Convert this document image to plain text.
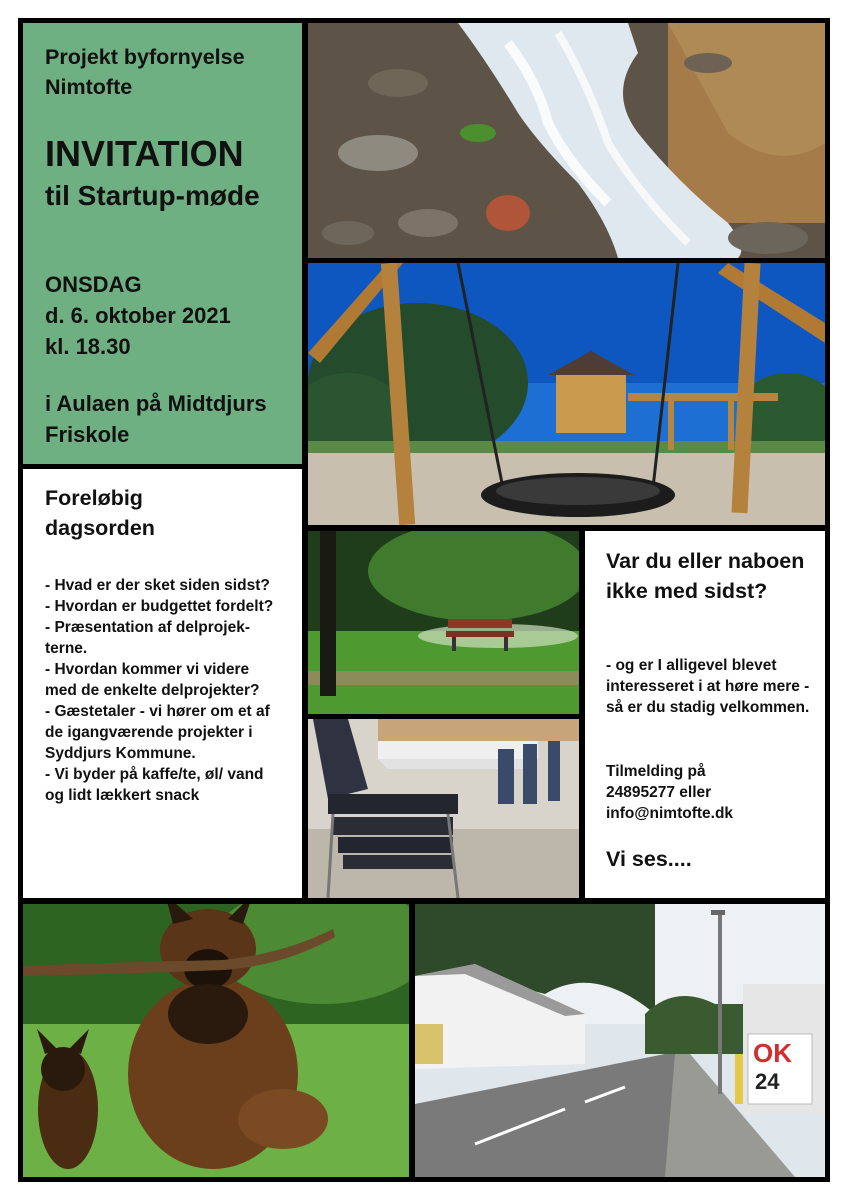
Projekt byfornyelse Nimtofte
INVITATION
til Startup-møde
ONSDAG
d. 6. oktober 2021
kl. 18.30
i Aulaen på Midtdjurs Friskole
Foreløbig dagsorden
- Hvad er der sket siden sidst?
- Hvordan er budgettet fordelt?
- Præsentation af delprojekterne.
- Hvordan kommer vi videre med de enkelte delprojekter?
- Gæstetaler - vi hører om et af de igangværende projekter i Syddjurs Kommune.
- Vi byder på kaffe/te, øl/ vand og lidt lækkert snack
Var du eller naboen ikke med sidst?
- og er I alligevel blevet interesseret i at høre mere - så er du stadig velkommen.
Tilmelding på
24895277 eller
info@nimtofte.dk
Vi ses....
OK
24
